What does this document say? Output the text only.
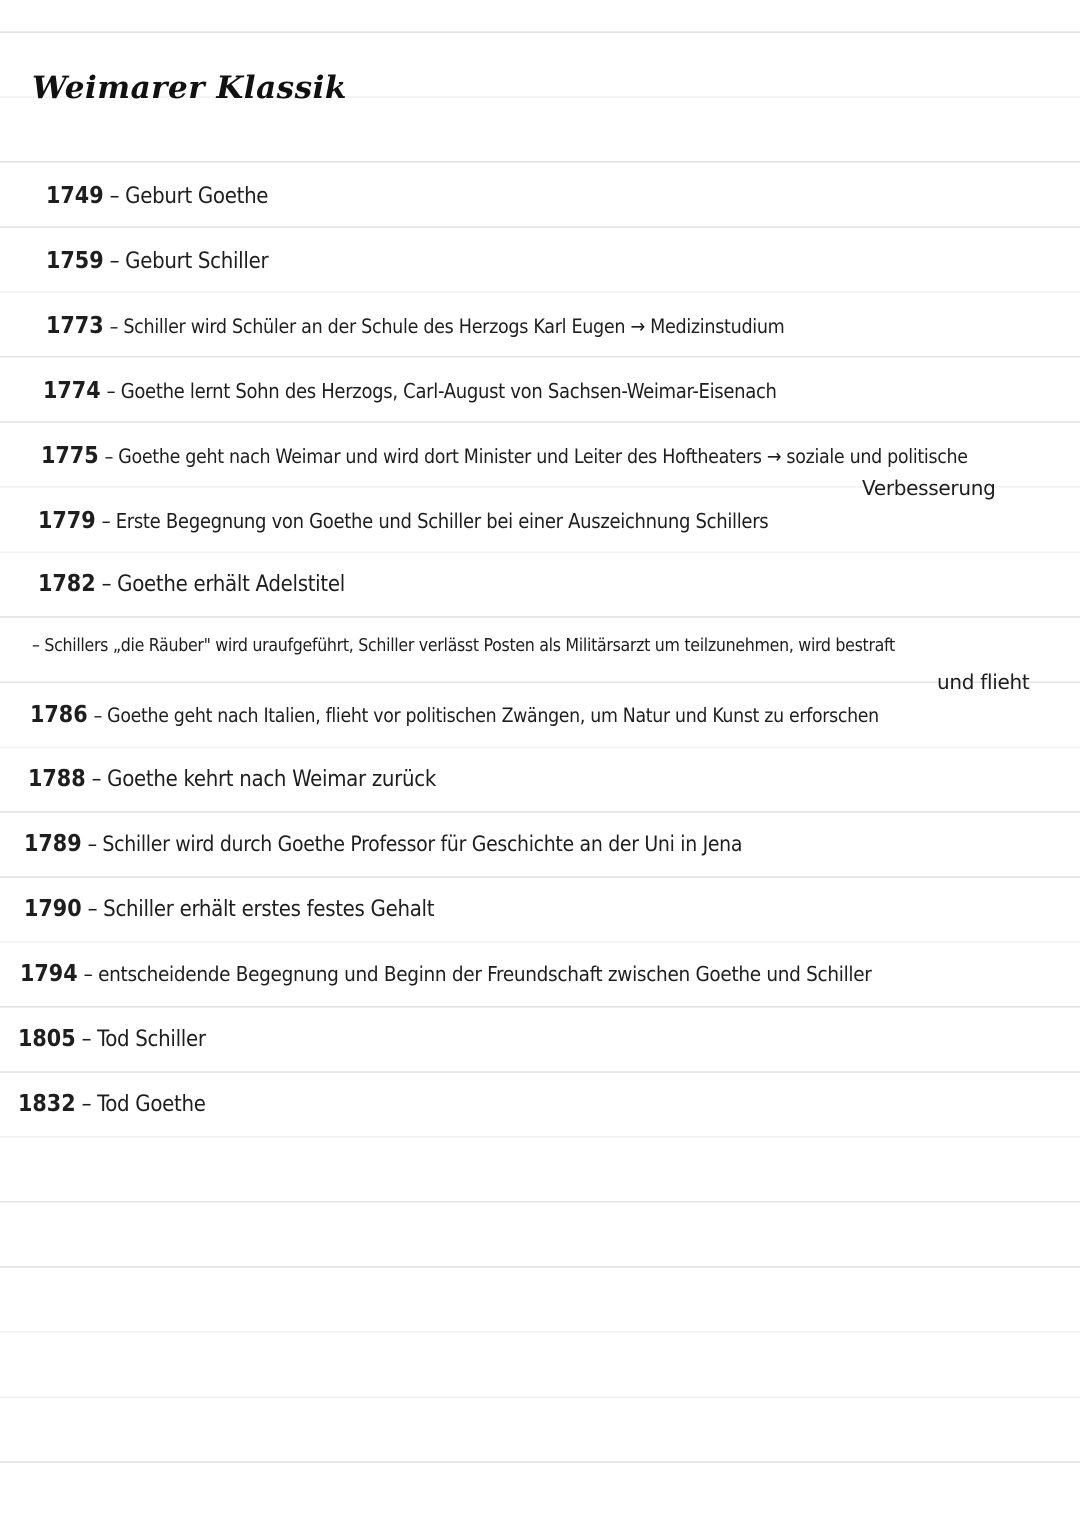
Weimarer Klassik
1749 – Geburt Goethe
1759 – Geburt Schiller
1773 – Schiller wird Schüler an der Schule des Herzogs Karl Eugen → Medizinstudium
1774 – Goethe lernt Sohn des Herzogs, Carl-August von Sachsen-Weimar-Eisenach
1775 – Goethe geht nach Weimar und wird dort Minister und Leiter des Hoftheaters → soziale und politische
Verbesserung
1779 – Erste Begegnung von Goethe und Schiller bei einer Auszeichnung Schillers
1782 – Goethe erhält Adelstitel
– Schillers „die Räuber" wird uraufgeführt, Schiller verlässt Posten als Militärsarzt um teilzunehmen, wird bestraft
und flieht
1786 – Goethe geht nach Italien, flieht vor politischen Zwängen, um Natur und Kunst zu erforschen
1788 – Goethe kehrt nach Weimar zurück
1789 – Schiller wird durch Goethe Professor für Geschichte an der Uni in Jena
1790 – Schiller erhält erstes festes Gehalt
1794 – entscheidende Begegnung und Beginn der Freundschaft zwischen Goethe und Schiller
1805 – Tod Schiller
1832 – Tod Goethe
